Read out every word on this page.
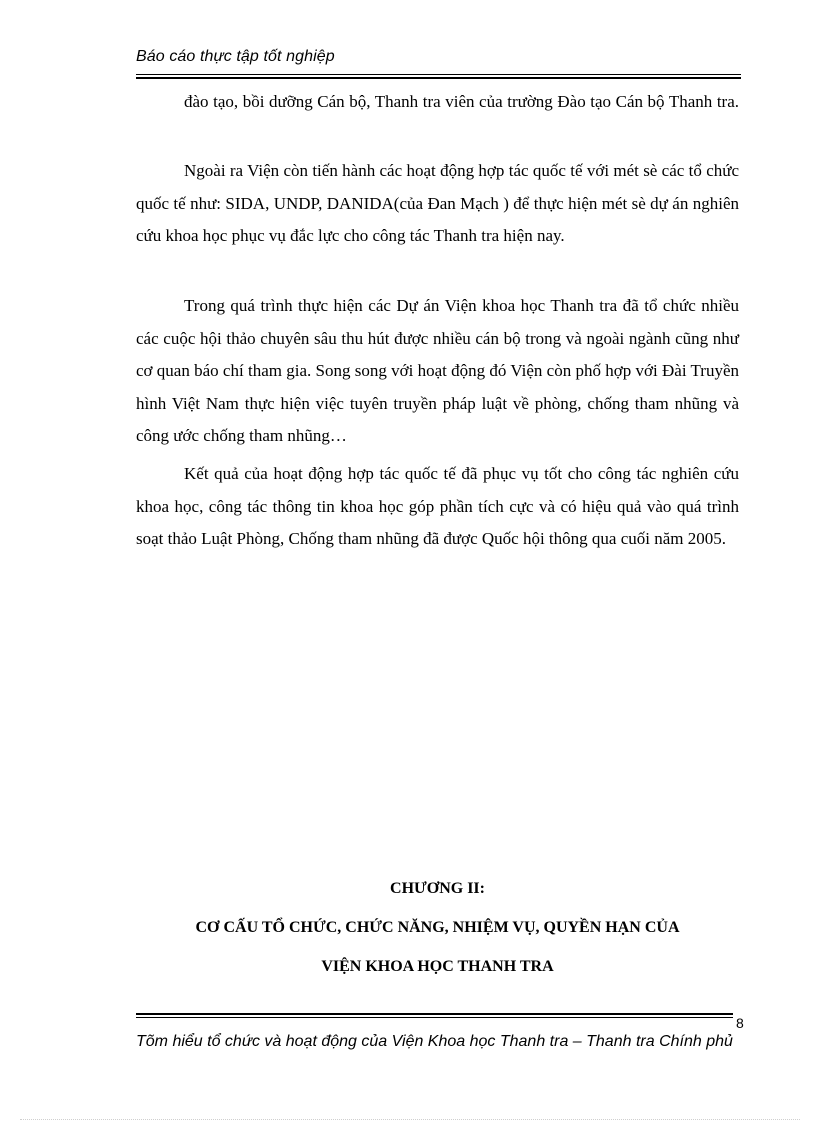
Báo cáo thực tập tốt nghiệp

đào tạo, bồi dưỡng Cán bộ, Thanh tra viên của trường Đào tạo Cán bộ Thanh tra.

Ngoài ra Viện còn tiến hành các hoạt động hợp tác quốc tế với mét sè các tổ chức quốc tế như: SIDA, UNDP, DANIDA(của Đan Mạch ) để thực hiện mét sè dự án nghiên cứu khoa học phục vụ đắc lực cho công tác Thanh tra hiện nay.

Trong quá trình thực hiện các Dự án Viện khoa học Thanh tra đã tổ chức nhiều các cuộc hội thảo chuyên sâu thu hút được nhiều cán bộ trong và ngoài ngành cũng như cơ quan báo chí tham gia. Song song với hoạt động đó Viện còn phố hợp với Đài Truyền hình Việt Nam thực hiện việc tuyên truyền pháp luật về phòng, chống tham nhũng và công ước chống tham nhũng…

Kết quả của hoạt động hợp tác quốc tế đã phục vụ tốt cho công tác nghiên cứu khoa học, công tác thông tin khoa học góp phần tích cực và có hiệu quả vào quá trình soạt thảo Luật Phòng, Chống tham nhũng đã được Quốc hội thông qua cuối năm 2005.

CHƯƠNG II:

CƠ CẤU TỔ CHỨC, CHỨC NĂNG, NHIỆM VỤ, QUYỀN HẠN CỦA

VIỆN KHOA HỌC THANH TRA

8
Tõm hiểu tổ chức và hoạt động của Viện Khoa học Thanh tra – Thanh tra Chính phủ
